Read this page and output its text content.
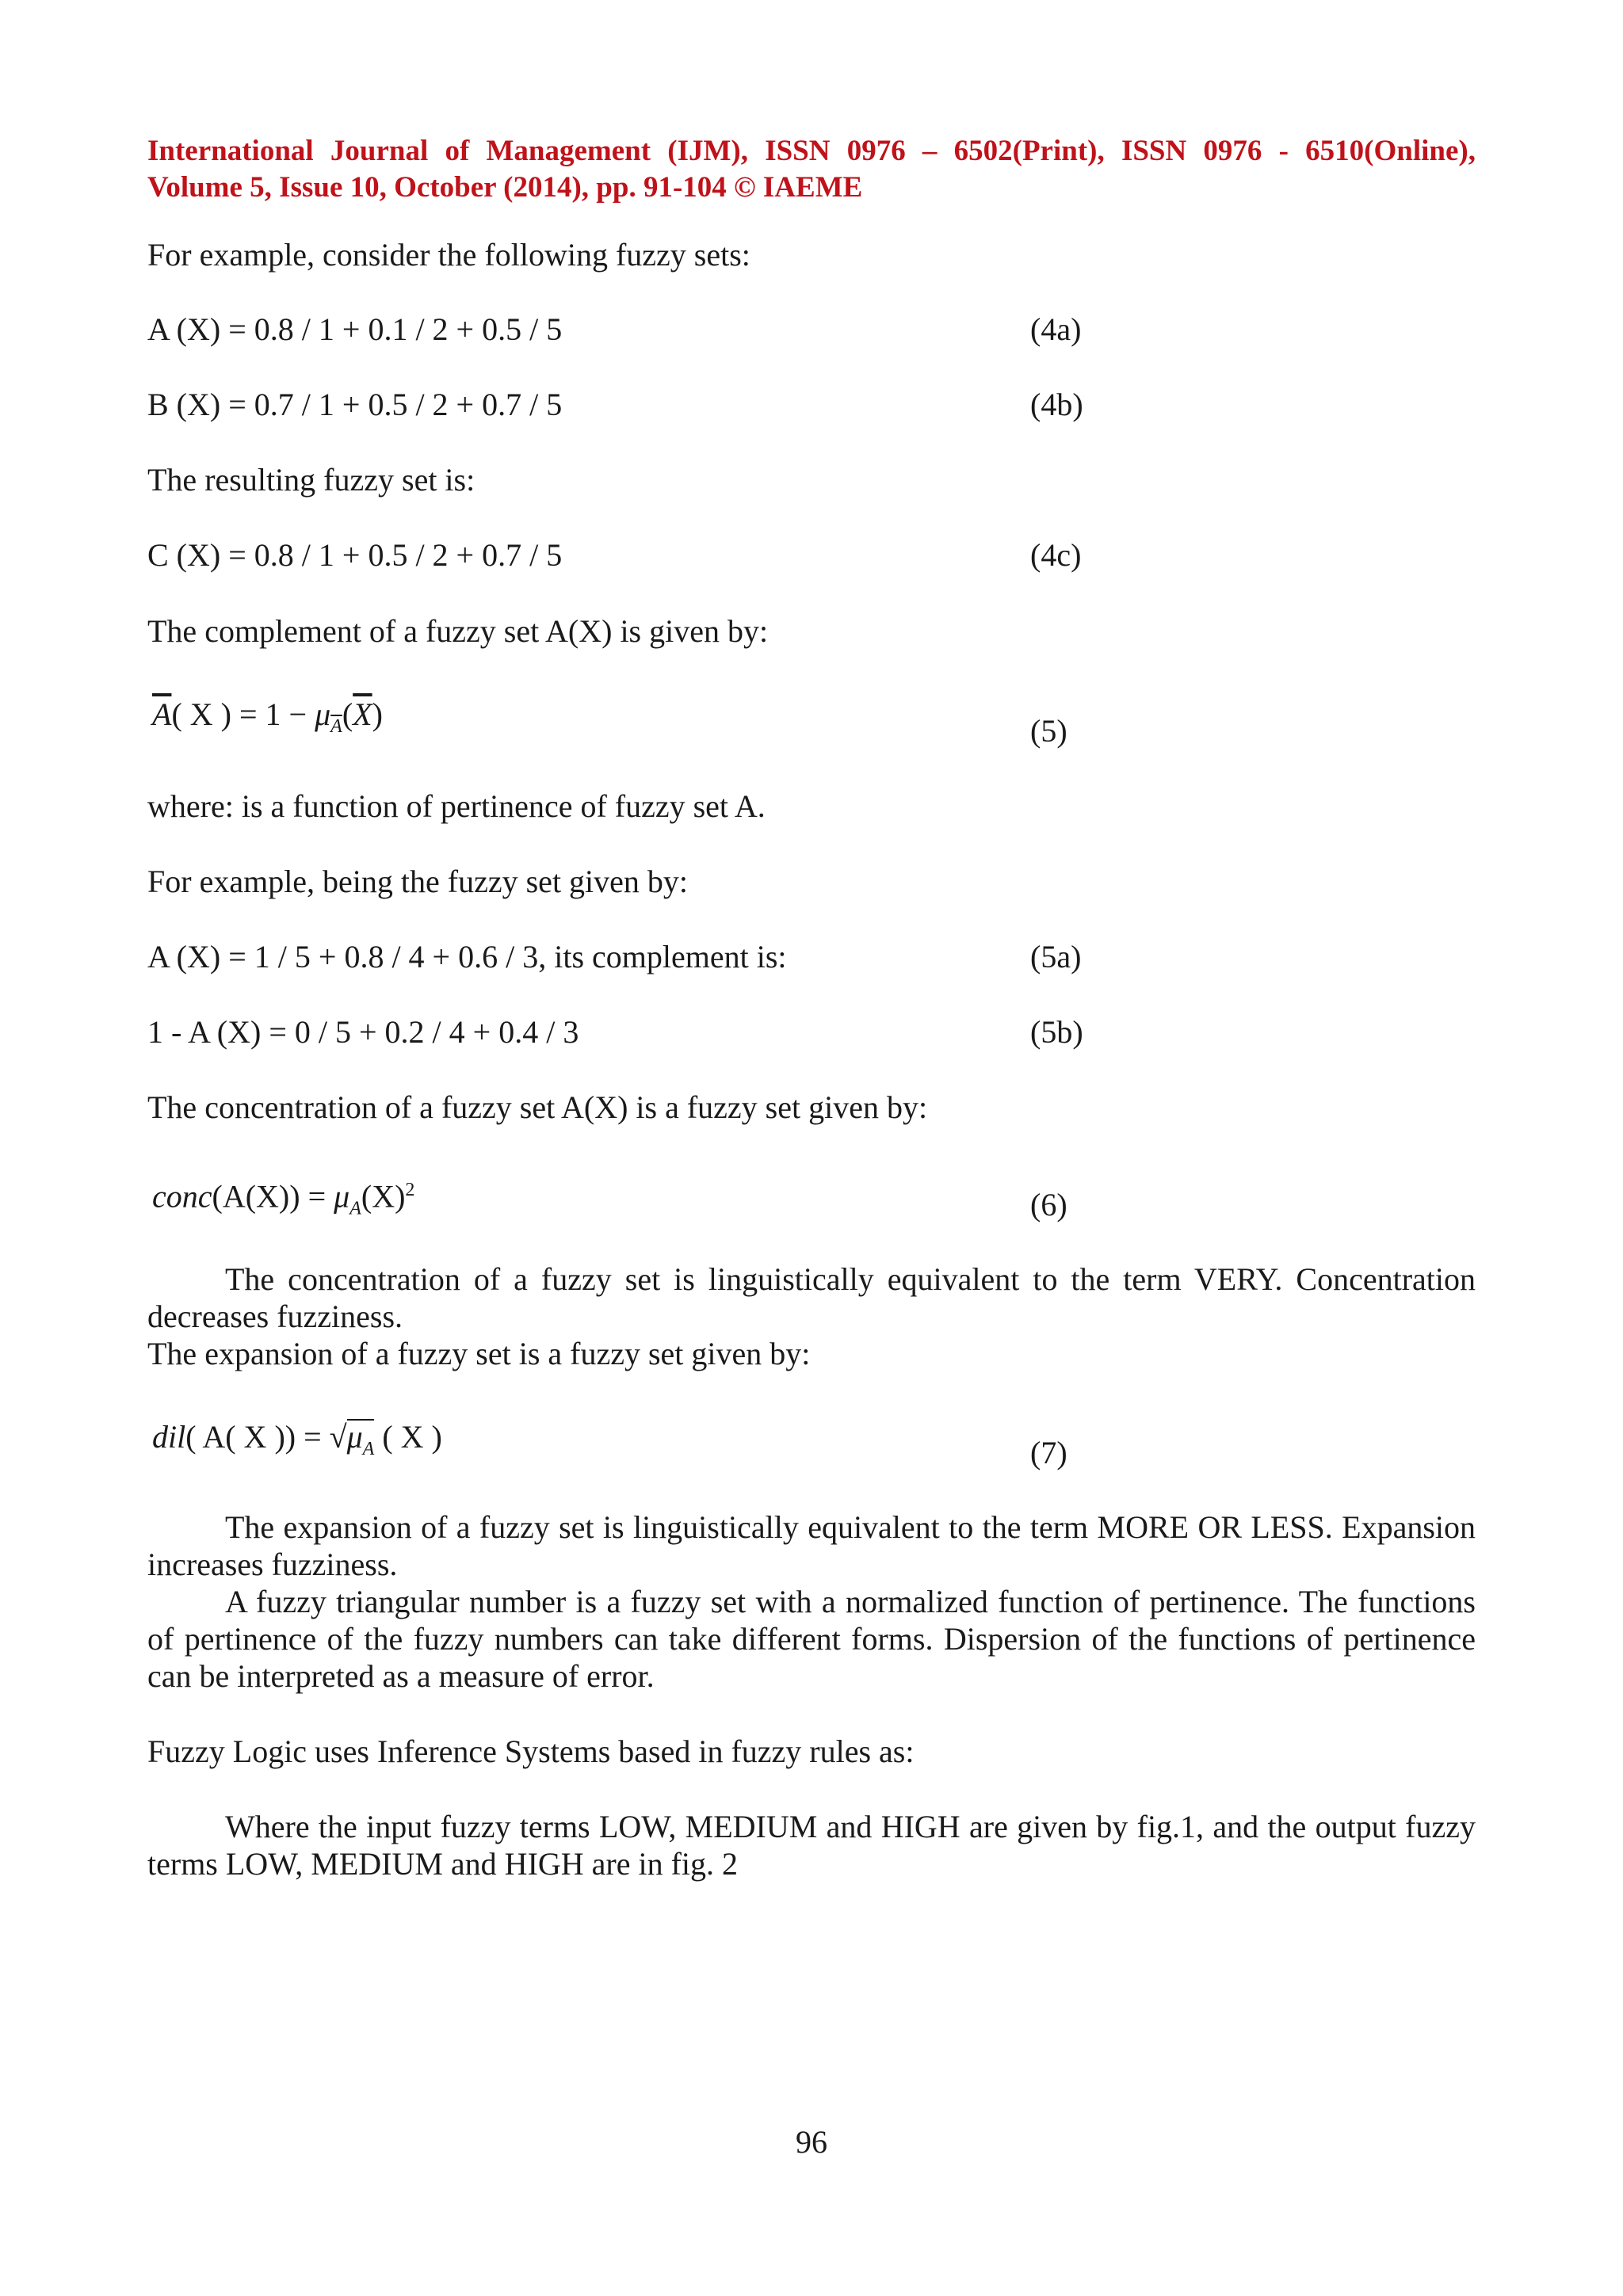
International Journal of Management (IJM), ISSN 0976 – 6502(Print), ISSN 0976 - 6510(Online),
Volume 5, Issue 10, October (2014), pp. 91-104 © IAEME
For example, consider the following fuzzy sets:
A (X) = 0.8 / 1 + 0.1 / 2 + 0.5 / 5	(4a)
B (X) = 0.7 / 1 + 0.5 / 2 + 0.7 / 5	(4b)
The resulting fuzzy set is:
C (X) = 0.8 / 1 + 0.5 / 2 + 0.7 / 5	(4c)
The complement of a fuzzy set A(X) is given by:
$\overline{A}$( X ) = $1 - \mu_{\overline{A}}(\overline{X})$	(5)
where: is a function of pertinence of fuzzy set A.
For example, being the fuzzy set given by:
A (X) = 1 / 5 + 0.8 / 4 + 0.6 / 3, its complement is:	(5a)
1 - A (X) = 0 / 5 + 0.2 / 4 + 0.4 / 3	(5b)
The concentration of a fuzzy set A(X) is a fuzzy set given by:
conc(A(X)) = $\mu_A(X)^2$	(6)
The concentration of a fuzzy set is linguistically equivalent to the term VERY. Concentration decreases fuzziness.
The expansion of a fuzzy set is a fuzzy set given by:
dil( A( X )) = $√\mu_A$ ( X )	(7)
The expansion of a fuzzy set is linguistically equivalent to the term MORE OR LESS. Expansion increases fuzziness.
A fuzzy triangular number is a fuzzy set with a normalized function of pertinence. The functions of pertinence of the fuzzy numbers can take different forms. Dispersion of the functions of pertinence can be interpreted as a measure of error.
Fuzzy Logic uses Inference Systems based in fuzzy rules as:
Where the input fuzzy terms LOW, MEDIUM and HIGH are given by fig.1, and the output fuzzy terms LOW, MEDIUM and HIGH are in fig. 2
96
